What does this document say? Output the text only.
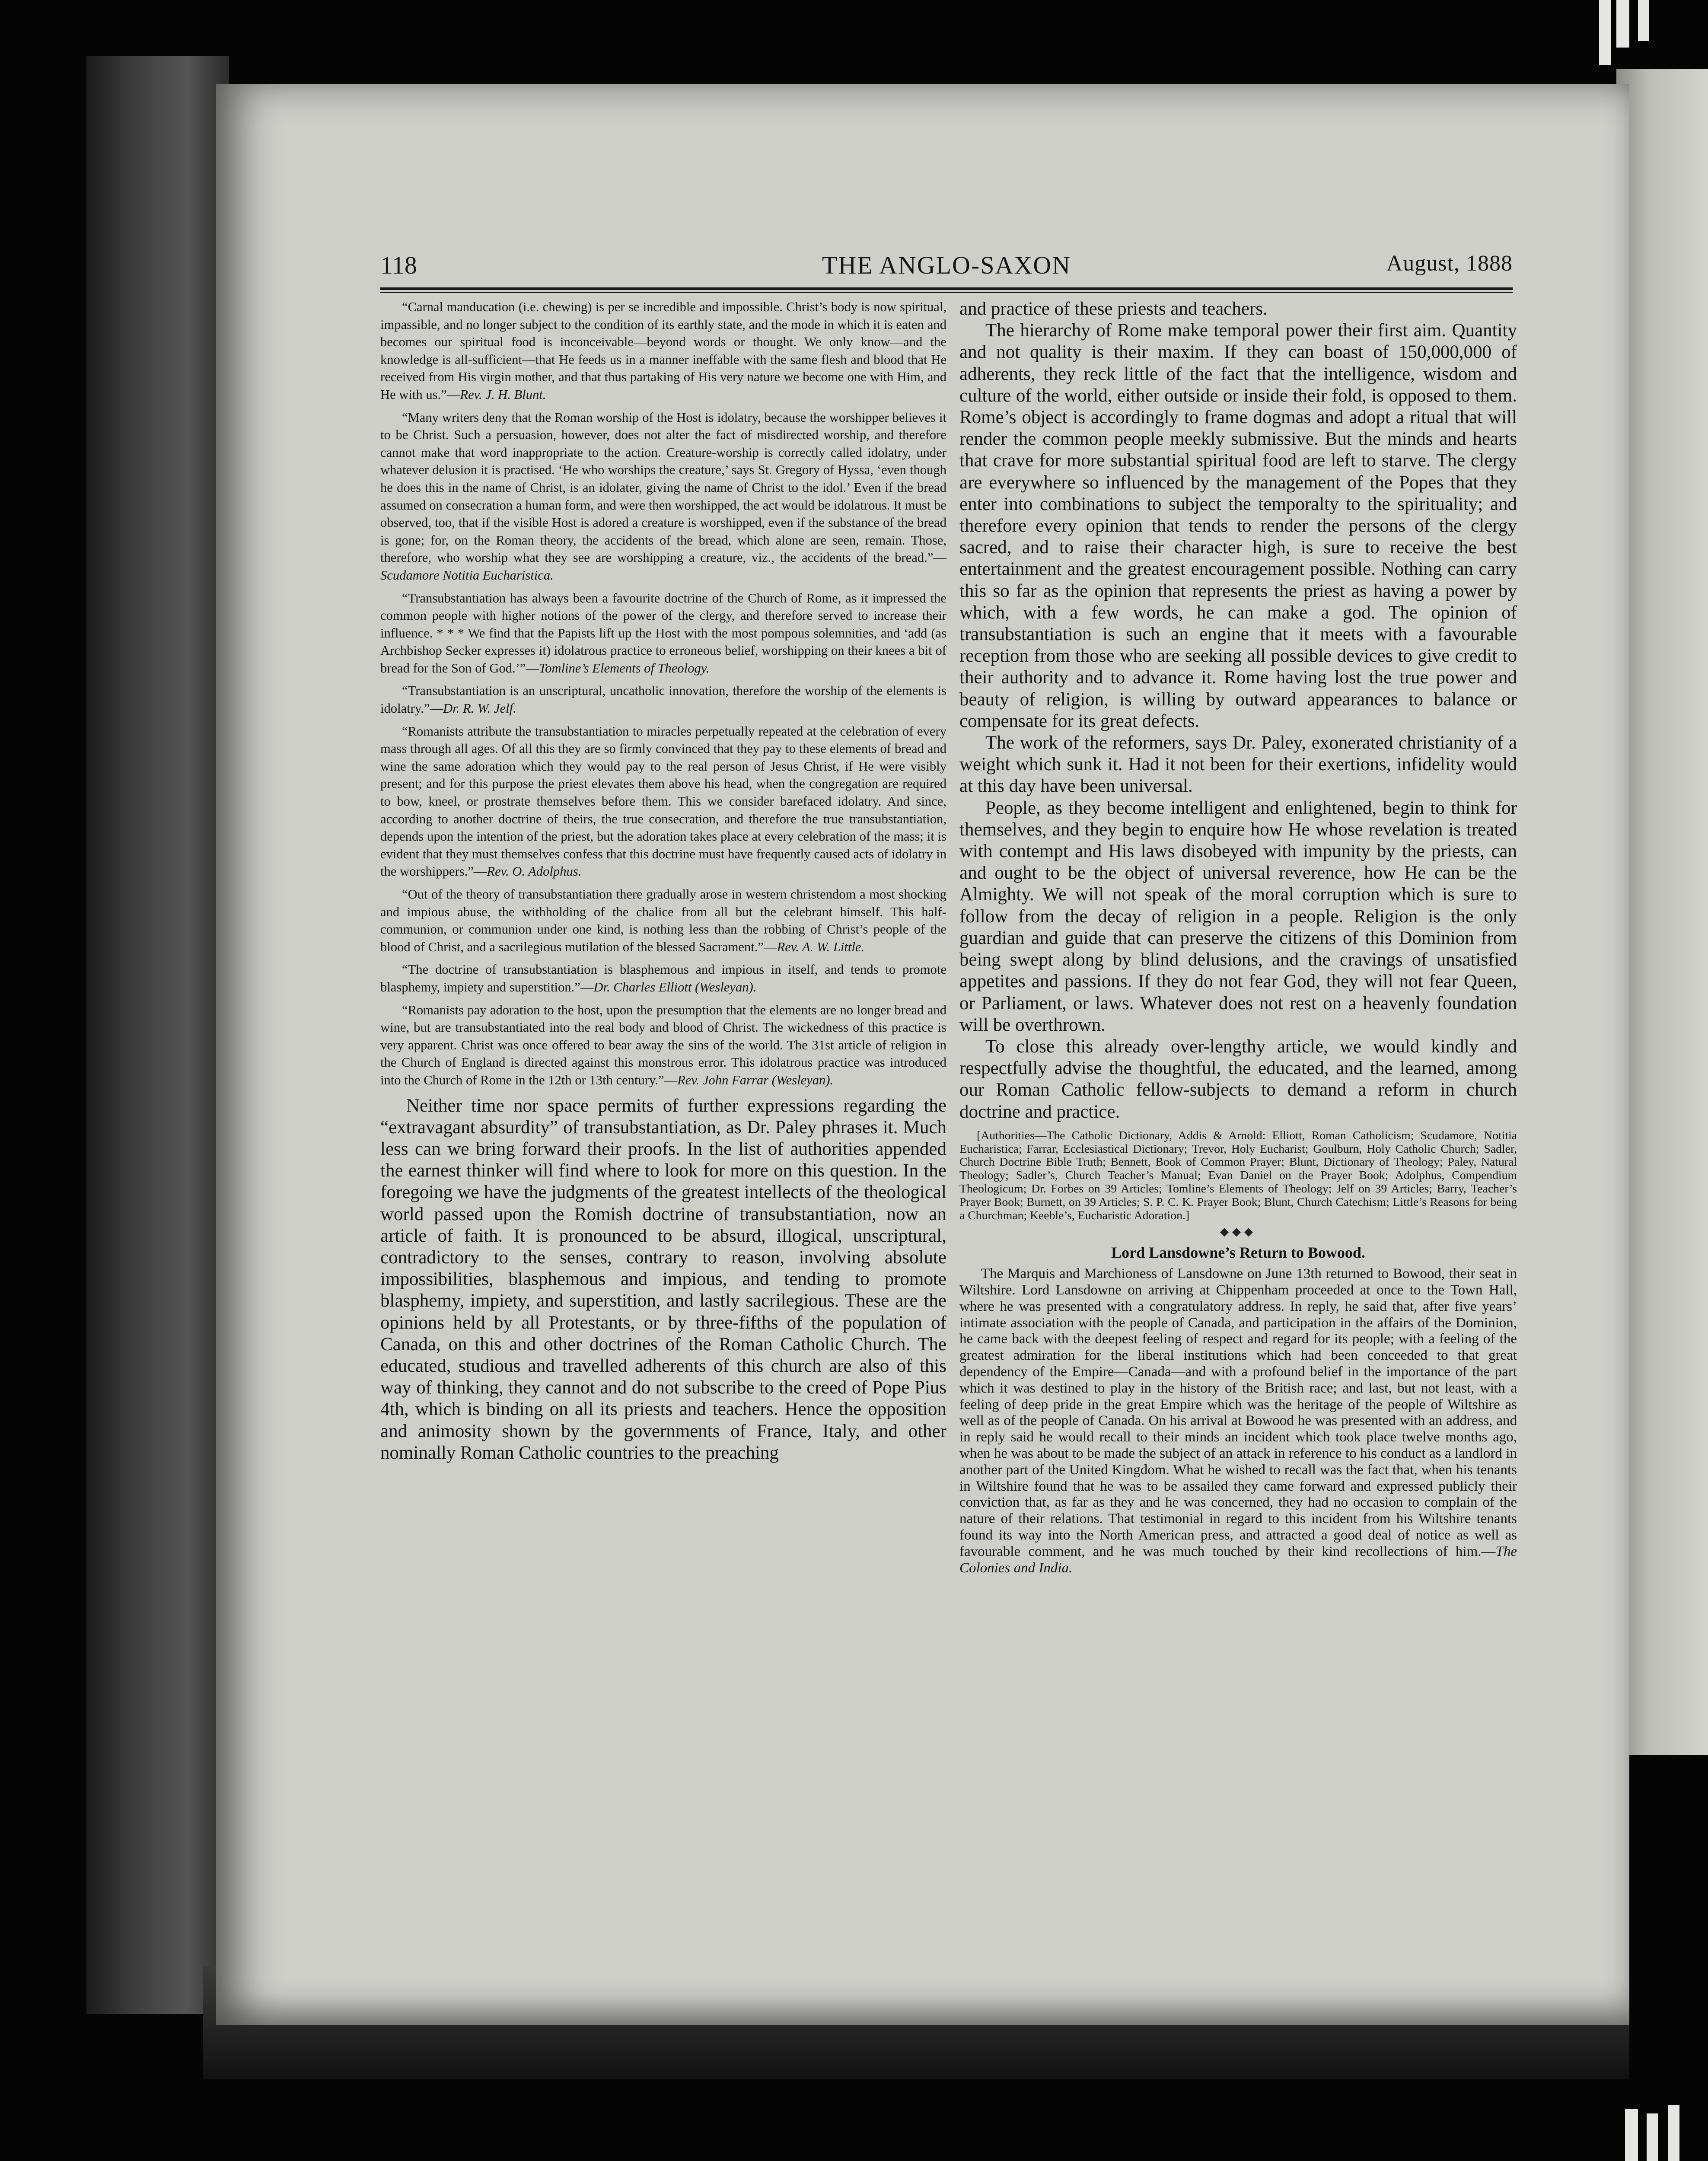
118	THE ANGLO-SAXON	August, 1888

“Carnal manducation (i.e. chewing) is per se incredible and impossible. Christ’s body is now spiritual, impassible, and no longer subject to the condition of its earthly state, and the mode in which it is eaten and becomes our spiritual food is inconceivable—beyond words or thought. We only know—and the knowledge is all-sufficient—that He feeds us in a manner ineffable with the same flesh and blood that He received from His virgin mother, and that thus partaking of His very nature we become one with Him, and He with us.”—Rev. J. H. Blunt.

“Many writers deny that the Roman worship of the Host is idolatry, because the worshipper believes it to be Christ. Such a persuasion, however, does not alter the fact of misdirected worship, and therefore cannot make that word inappropriate to the action. Creature-worship is correctly called idolatry, under whatever delusion it is practised. ‘He who worships the creature,’ says St. Gregory of Hyssa, ‘even though he does this in the name of Christ, is an idolater, giving the name of Christ to the idol.’ Even if the bread assumed on consecration a human form, and were then worshipped, the act would be idolatrous. It must be observed, too, that if the visible Host is adored a creature is worshipped, even if the substance of the bread is gone; for, on the Roman theory, the accidents of the bread, which alone are seen, remain. Those, therefore, who worship what they see are worshipping a creature, viz., the accidents of the bread.”—Scudamore Notitia Eucharistica.

“Transubstantiation has always been a favourite doctrine of the Church of Rome, as it impressed the common people with higher notions of the power of the clergy, and therefore served to increase their influence. * * * We find that the Papists lift up the Host with the most pompous solemnities, and ‘add (as Archbishop Secker expresses it) idolatrous practice to erroneous belief, worshipping on their knees a bit of bread for the Son of God.’”—Tomline’s Elements of Theology.

“Transubstantiation is an unscriptural, uncatholic innovation, therefore the worship of the elements is idolatry.”—Dr. R. W. Jelf.

“Romanists attribute the transubstantiation to miracles perpetually repeated at the celebration of every mass through all ages. Of all this they are so firmly convinced that they pay to these elements of bread and wine the same adoration which they would pay to the real person of Jesus Christ, if He were visibly present; and for this purpose the priest elevates them above his head, when the congregation are required to bow, kneel, or prostrate themselves before them. This we consider barefaced idolatry. And since, according to another doctrine of theirs, the true consecration, and therefore the true transubstantiation, depends upon the intention of the priest, but the adoration takes place at every celebration of the mass; it is evident that they must themselves confess that this doctrine must have frequently caused acts of idolatry in the worshippers.”—Rev. O. Adolphus.

“Out of the theory of transubstantiation there gradually arose in western christendom a most shocking and impious abuse, the withholding of the chalice from all but the celebrant himself. This half-communion, or communion under one kind, is nothing less than the robbing of Christ’s people of the blood of Christ, and a sacrilegious mutilation of the blessed Sacrament.”—Rev. A. W. Little.

“The doctrine of transubstantiation is blasphemous and impious in itself, and tends to promote blasphemy, impiety and superstition.”—Dr. Charles Elliott (Wesleyan).

“Romanists pay adoration to the host, upon the presumption that the elements are no longer bread and wine, but are transubstantiated into the real body and blood of Christ. The wickedness of this practice is very apparent. Christ was once offered to bear away the sins of the world. The 31st article of religion in the Church of England is directed against this monstrous error. This idolatrous practice was introduced into the Church of Rome in the 12th or 13th century.”—Rev. John Farrar (Wesleyan).

Neither time nor space permits of further expressions regarding the “extravagant absurdity” of transubstantiation, as Dr. Paley phrases it. Much less can we bring forward their proofs. In the list of authorities appended the earnest thinker will find where to look for more on this question. In the foregoing we have the judgments of the greatest intellects of the theological world passed upon the Romish doctrine of transubstantiation, now an article of faith. It is pronounced to be absurd, illogical, unscriptural, contradictory to the senses, contrary to reason, involving absolute impossibilities, blasphemous and impious, and tending to promote blasphemy, impiety, and superstition, and lastly sacrilegious. These are the opinions held by all Protestants, or by three-fifths of the population of Canada, on this and other doctrines of the Roman Catholic Church. The educated, studious and travelled adherents of this church are also of this way of thinking, they cannot and do not subscribe to the creed of Pope Pius 4th, which is binding on all its priests and teachers. Hence the opposition and animosity shown by the governments of France, Italy, and other nominally Roman Catholic countries to the preaching

and practice of these priests and teachers.

The hierarchy of Rome make temporal power their first aim. Quantity and not quality is their maxim. If they can boast of 150,000,000 of adherents, they reck little of the fact that the intelligence, wisdom and culture of the world, either outside or inside their fold, is opposed to them. Rome’s object is accordingly to frame dogmas and adopt a ritual that will render the common people meekly submissive. But the minds and hearts that crave for more substantial spiritual food are left to starve. The clergy are everywhere so influenced by the management of the Popes that they enter into combinations to subject the temporalty to the spirituality; and therefore every opinion that tends to render the persons of the clergy sacred, and to raise their character high, is sure to receive the best entertainment and the greatest encouragement possible. Nothing can carry this so far as the opinion that represents the priest as having a power by which, with a few words, he can make a god. The opinion of transubstantiation is such an engine that it meets with a favourable reception from those who are seeking all possible devices to give credit to their authority and to advance it. Rome having lost the true power and beauty of religion, is willing by outward appearances to balance or compensate for its great defects.

The work of the reformers, says Dr. Paley, exonerated christianity of a weight which sunk it. Had it not been for their exertions, infidelity would at this day have been universal.

People, as they become intelligent and enlightened, begin to think for themselves, and they begin to enquire how He whose revelation is treated with contempt and His laws disobeyed with impunity by the priests, can and ought to be the object of universal reverence, how He can be the Almighty. We will not speak of the moral corruption which is sure to follow from the decay of religion in a people. Religion is the only guardian and guide that can preserve the citizens of this Dominion from being swept along by blind delusions, and the cravings of unsatisfied appetites and passions. If they do not fear God, they will not fear Queen, or Parliament, or laws. Whatever does not rest on a heavenly foundation will be overthrown.

To close this already over-lengthy article, we would kindly and respectfully advise the thoughtful, the educated, and the learned, among our Roman Catholic fellow-subjects to demand a reform in church doctrine and practice.

[Authorities—The Catholic Dictionary, Addis & Arnold: Elliott, Roman Catholicism; Scudamore, Notitia Eucharistica; Farrar, Ecclesiastical Dictionary; Trevor, Holy Eucharist; Goulburn, Holy Catholic Church; Sadler, Church Doctrine Bible Truth; Bennett, Book of Common Prayer; Blunt, Dictionary of Theology; Paley, Natural Theology; Sadler’s, Church Teacher’s Manual; Evan Daniel on the Prayer Book; Adolphus, Compendium Theologicum; Dr. Forbes on 39 Articles; Tomline’s Elements of Theology; Jelf on 39 Articles; Barry, Teacher’s Prayer Book; Burnett, on 39 Articles; S. P. C. K. Prayer Book; Blunt, Church Catechism; Little’s Reasons for being a Churchman; Keeble’s, Eucharistic Adoration.]

◆◆◆
Lord Lansdowne’s Return to Bowood.

The Marquis and Marchioness of Lansdowne on June 13th returned to Bowood, their seat in Wiltshire. Lord Lansdowne on arriving at Chippenham proceeded at once to the Town Hall, where he was presented with a congratulatory address. In reply, he said that, after five years’ intimate association with the people of Canada, and participation in the affairs of the Dominion, he came back with the deepest feeling of respect and regard for its people; with a feeling of the greatest admiration for the liberal institutions which had been conceeded to that great dependency of the Empire—Canada—and with a profound belief in the importance of the part which it was destined to play in the history of the British race; and last, but not least, with a feeling of deep pride in the great Empire which was the heritage of the people of Wiltshire as well as of the people of Canada. On his arrival at Bowood he was presented with an address, and in reply said he would recall to their minds an incident which took place twelve months ago, when he was about to be made the subject of an attack in reference to his conduct as a landlord in another part of the United Kingdom. What he wished to recall was the fact that, when his tenants in Wiltshire found that he was to be assailed they came forward and expressed publicly their conviction that, as far as they and he was concerned, they had no occasion to complain of the nature of their relations. That testimonial in regard to this incident from his Wiltshire tenants found its way into the North American press, and attracted a good deal of notice as well as favourable comment, and he was much touched by their kind recollections of him.—The Colonies and India.
